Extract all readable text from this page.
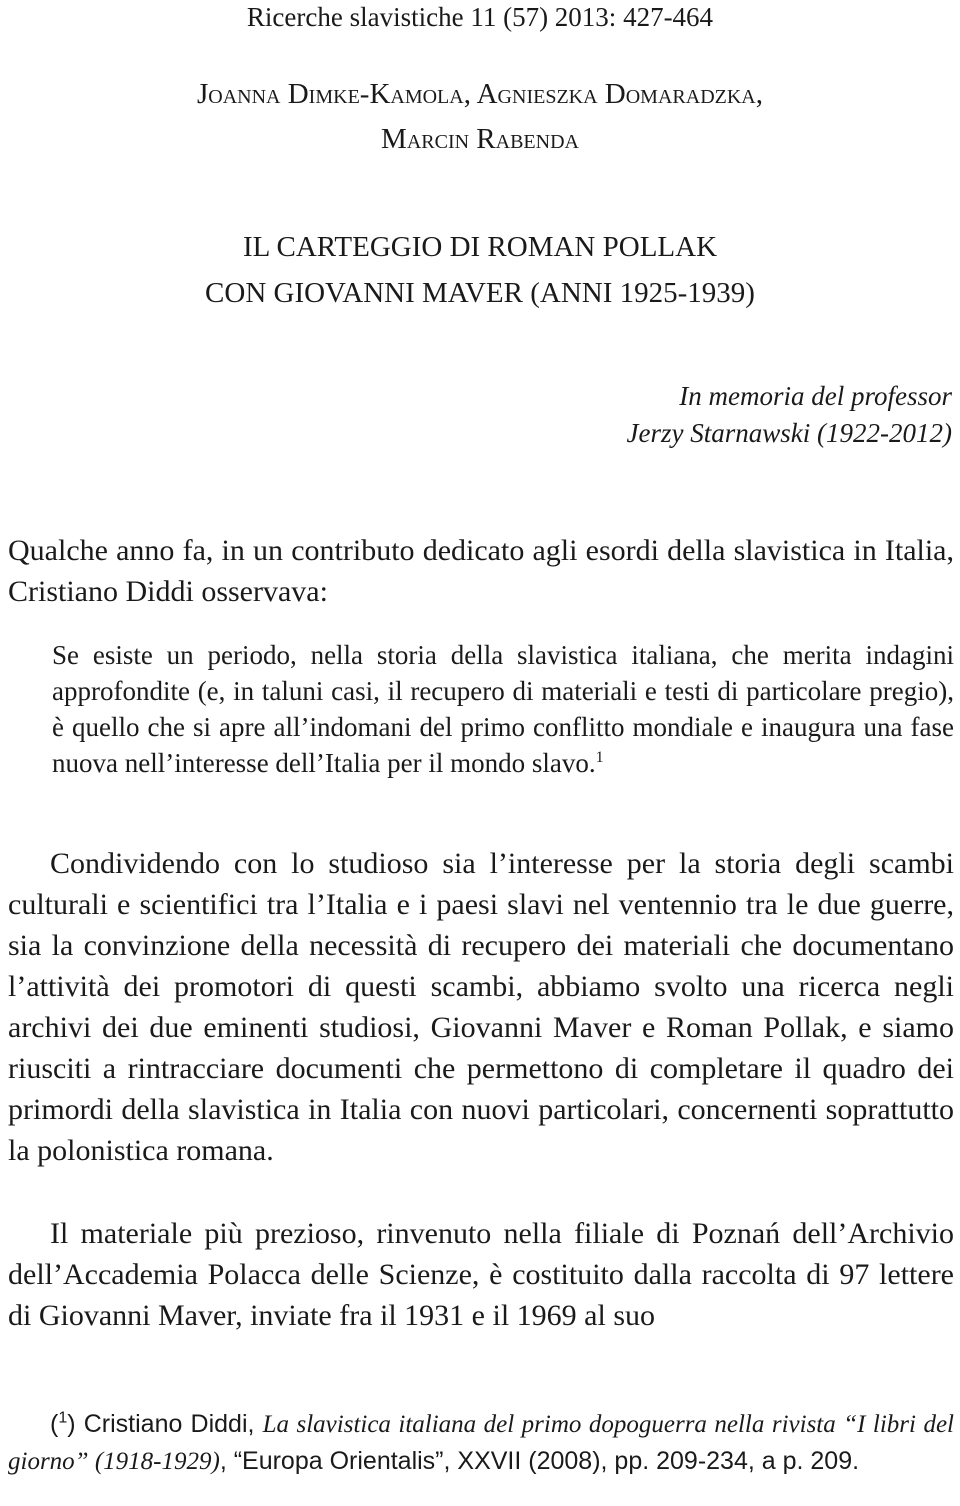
Ricerche slavistiche 11 (57) 2013: 427-464
Joanna Dimke-Kamola, Agnieszka Domaradzka,
Marcin Rabenda
IL CARTEGGIO DI ROMAN POLLAK
CON GIOVANNI MAVER (ANNI 1925-1939)
In memoria del professor
Jerzy Starnawski (1922-2012)

Qualche anno fa, in un contributo dedicato agli esordi della slavistica in Italia, Cristiano Diddi osservava:

Se esiste un periodo, nella storia della slavistica italiana, che merita indagini approfondite (e, in taluni casi, il recupero di materiali e testi di particolare pregio), è quello che si apre all’indomani del primo conflitto mondiale e inaugura una fase nuova nell’interesse dell’Italia per il mondo slavo.$^1$

Condividendo con lo studioso sia l’interesse per la storia degli scambi culturali e scientifici tra l’Italia e i paesi slavi nel ventennio tra le due guerre, sia la convinzione della necessità di recupero dei materiali che documentano l’attività dei promotori di questi scambi, abbiamo svolto una ricerca negli archivi dei due eminenti studiosi, Giovanni Maver e Roman Pollak, e siamo riusciti a rintracciare documenti che permettono di completare il quadro dei primordi della slavistica in Italia con nuovi particolari, concernenti soprattutto la polonistica romana.

Il materiale più prezioso, rinvenuto nella filiale di Poznań dell’Archivio dell’Accademia Polacca delle Scienze, è costituito dalla raccolta di 97 lettere di Giovanni Maver, inviate fra il 1931 e il 1969 al suo

($^1$) Cristiano Diddi, La slavistica italiana del primo dopoguerra nella rivista “I libri del giorno” (1918-1929), “Europa Orientalis”, XXVII (2008), pp. 209-234, a p. 209.
